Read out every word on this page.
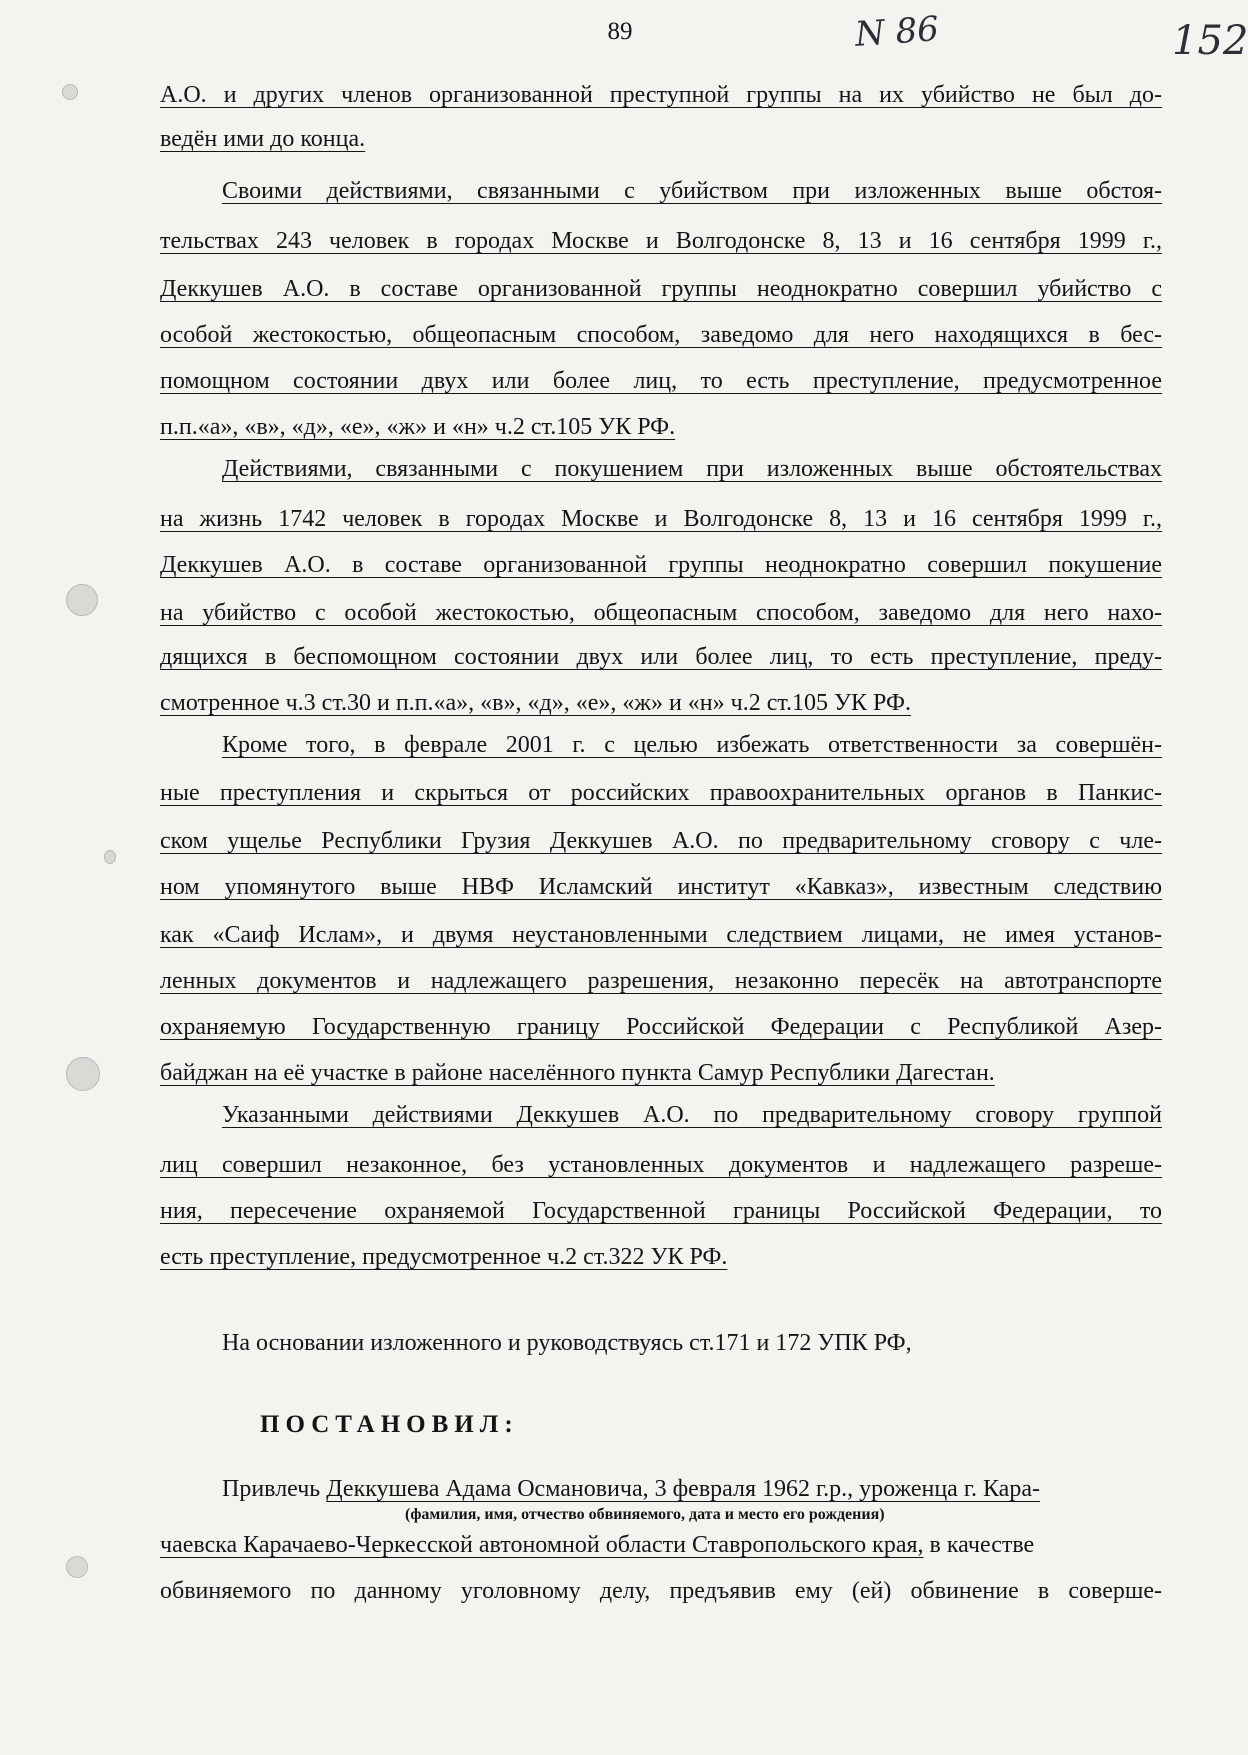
89	N 86	152
А.О. и других членов организованной преступной группы на их убийство не был до-
ведён ими до конца.
Своими действиями, связанными с убийством при изложенных выше обстоя-
тельствах 243 человек в городах Москве и Волгодонске 8, 13 и 16 сентября 1999 г.,
Деккушев А.О. в составе организованной группы неоднократно совершил убийство с
особой жестокостью, общеопасным способом, заведомо для него находящихся в бес-
помощном состоянии двух или более лиц, то есть преступление, предусмотренное
п.п.«а», «в», «д», «е», «ж» и «н» ч.2 ст.105 УК РФ.
Действиями, связанными с покушением при изложенных выше обстоятельствах
на жизнь 1742 человек в городах Москве и Волгодонске 8, 13 и 16 сентября 1999 г.,
Деккушев А.О. в составе организованной группы неоднократно совершил покушение
на убийство с особой жестокостью, общеопасным способом, заведомо для него нахо-
дящихся в беспомощном состоянии двух или более лиц, то есть преступление, преду-
смотренное ч.3 ст.30 и п.п.«а», «в», «д», «е», «ж» и «н» ч.2 ст.105 УК РФ.
Кроме того, в феврале 2001 г. с целью избежать ответственности за совершён-
ные преступления и скрыться от российских правоохранительных органов в Панкис-
ском ущелье Республики Грузия Деккушев А.О. по предварительному сговору с чле-
ном упомянутого выше НВФ Исламский институт «Кавказ», известным следствию
как «Саиф Ислам», и двумя неустановленными следствием лицами, не имея установ-
ленных документов и надлежащего разрешения, незаконно пересёк на автотранспорте
охраняемую Государственную границу Российской Федерации с Республикой Азер-
байджан на её участке в районе населённого пункта Самур Республики Дагестан.
Указанными действиями Деккушев А.О. по предварительному сговору группой
лиц совершил незаконное, без установленных документов и надлежащего разреше-
ния, пересечение охраняемой Государственной границы Российской Федерации, то
есть преступление, предусмотренное ч.2 ст.322 УК РФ.
На основании изложенного и руководствуясь ст.171 и 172 УПК РФ,
ПОСТАНОВИЛ:
Привлечь Деккушева Адама Османовича, 3 февраля 1962 г.р., уроженца г. Кара-
(фамилия, имя, отчество обвиняемого, дата и место его рождения)
чаевска Карачаево-Черкесской автономной области Ставропольского края, в качестве
обвиняемого по данному уголовному делу, предъявив ему (ей) обвинение в соверше-
